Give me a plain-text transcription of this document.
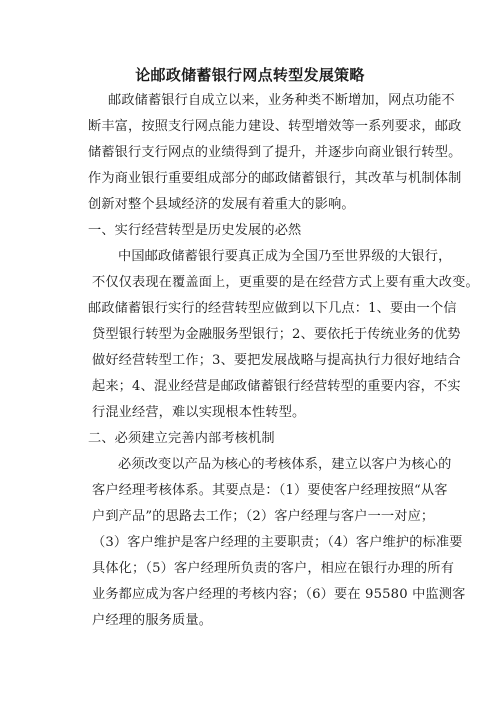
论邮政储蓄银行网点转型发展策略
邮政储蓄银行自成立以来，业务种类不断增加，网点功能不
断丰富，按照支行网点能力建设、转型增效等一系列要求，邮政
储蓄银行支行网点的业绩得到了提升，并逐步向商业银行转型。
作为商业银行重要组成部分的邮政储蓄银行，其改革与机制体制
创新对整个县域经济的发展有着重大的影响。
一、实行经营转型是历史发展的必然
中国邮政储蓄银行要真正成为全国乃至世界级的大银行，
不仅仅表现在覆盖面上，更重要的是在经营方式上要有重大改变。
邮政储蓄银行实行的经营转型应做到以下几点：1、要由一个信
贷型银行转型为金融服务型银行；2、要依托于传统业务的优势
做好经营转型工作；3、要把发展战略与提高执行力很好地结合
起来；4、混业经营是邮政储蓄银行经营转型的重要内容，不实
行混业经营，难以实现根本性转型。
二、必须建立完善内部考核机制
必须改变以产品为核心的考核体系，建立以客户为核心的
客户经理考核体系。其要点是：（1）要使客户经理按照“从客
户到产品”的思路去工作；（2）客户经理与客户一一对应；
（3）客户维护是客户经理的主要职责；（4）客户维护的标准要
具体化；（5）客户经理所负责的客户，相应在银行办理的所有
业务都应成为客户经理的考核内容；（6）要在 95580 中监测客
户经理的服务质量。
